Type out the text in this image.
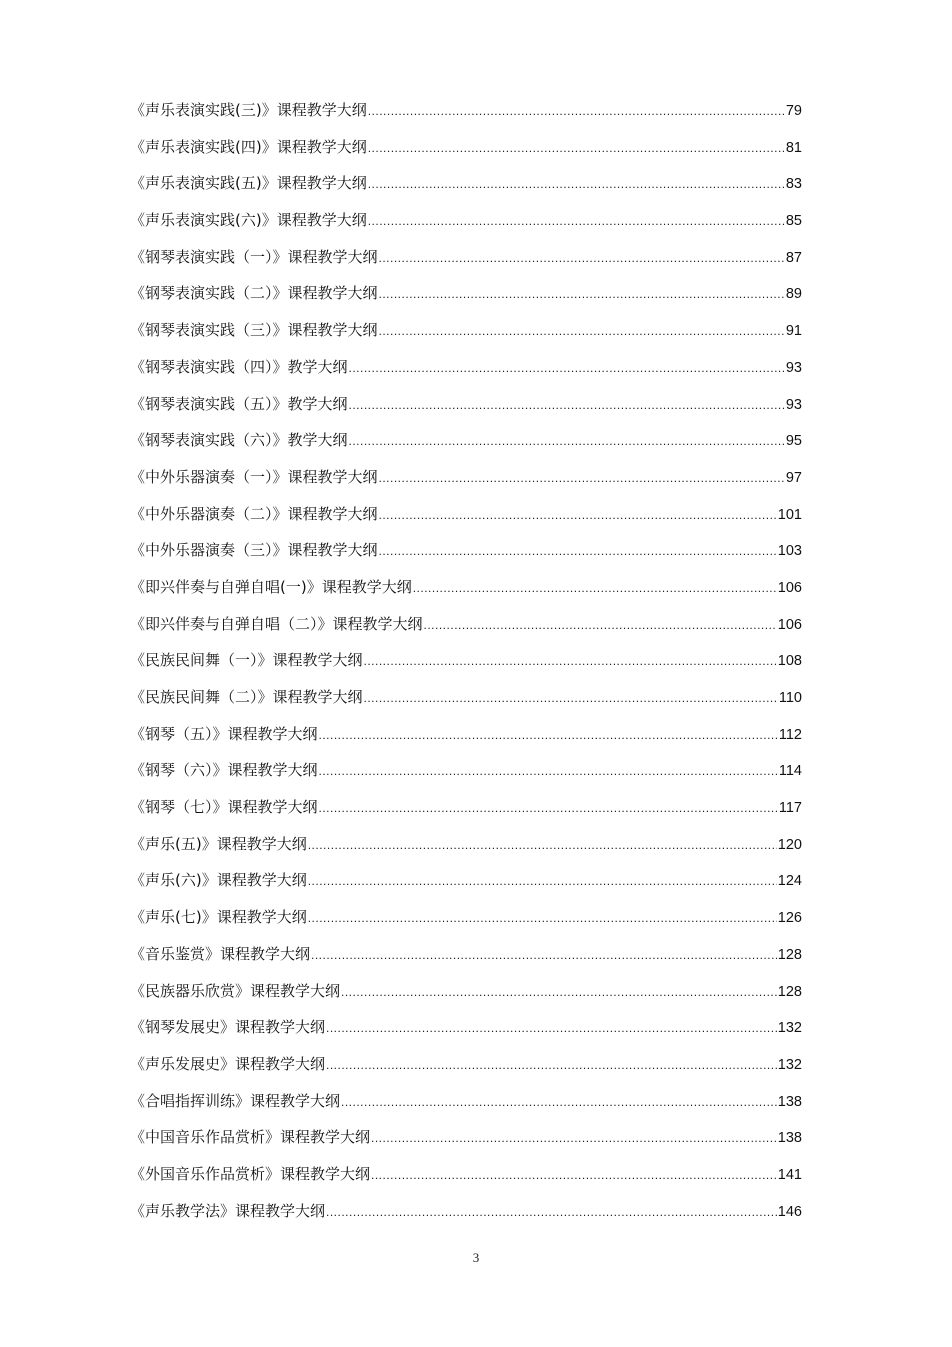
《声乐表演实践(三)》课程教学大纲 .....	79
《声乐表演实践(四)》课程教学大纲 .....	81
《声乐表演实践(五)》课程教学大纲 .....	83
《声乐表演实践(六)》课程教学大纲 .....	85
《钢琴表演实践（一）》课程教学大纲 .....	87
《钢琴表演实践（二）》课程教学大纲 .....	89
《钢琴表演实践（三）》课程教学大纲 .....	91
《钢琴表演实践（四）》教学大纲 .....	93
《钢琴表演实践（五）》教学大纲 .....	93
《钢琴表演实践（六）》教学大纲 .....	95
《中外乐器演奏（一）》课程教学大纲 .....	97
《中外乐器演奏（二）》课程教学大纲 .....	101
《中外乐器演奏（三）》课程教学大纲 .....	103
《即兴伴奏与自弹自唱(一)》课程教学大纲 .....	106
《即兴伴奏与自弹自唱（二）》课程教学大纲 .....	106
《民族民间舞（一）》课程教学大纲 .....	108
《民族民间舞（二）》课程教学大纲 .....	110
《钢琴（五）》课程教学大纲 .....	112
《钢琴（六）》课程教学大纲 .....	114
《钢琴（七）》课程教学大纲 .....	117
《声乐(五)》课程教学大纲 .....	120
《声乐(六)》课程教学大纲 .....	124
《声乐(七)》课程教学大纲 .....	126
《音乐鉴赏》课程教学大纲 .....	128
《民族器乐欣赏》课程教学大纲 .....	128
《钢琴发展史》课程教学大纲 .....	132
《声乐发展史》课程教学大纲 .....	132
《合唱指挥训练》课程教学大纲 .....	138
《中国音乐作品赏析》课程教学大纲 .....	138
《外国音乐作品赏析》课程教学大纲 .....	141
《声乐教学法》课程教学大纲 .....	146
3
